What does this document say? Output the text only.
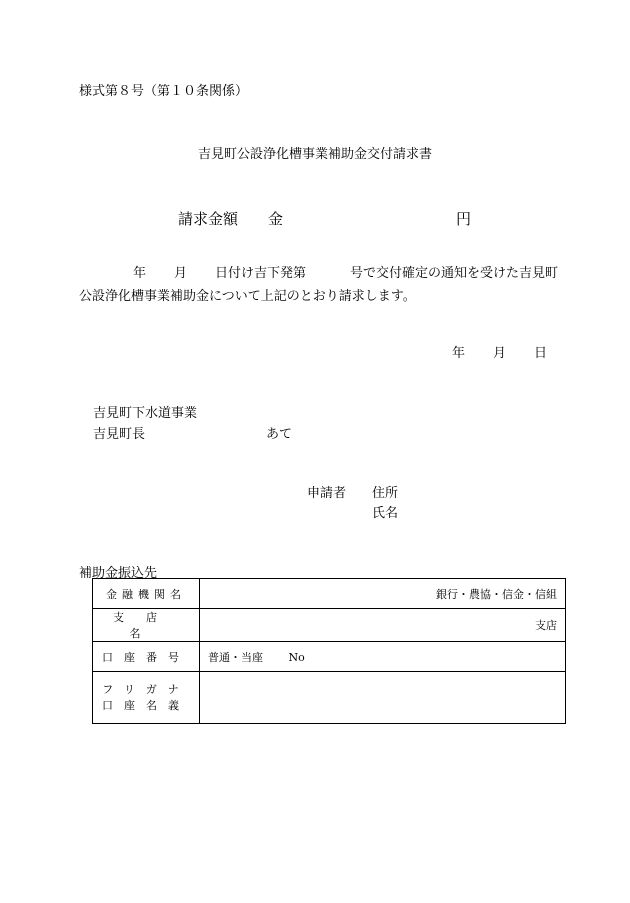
様式第８号（第１０条関係）
吉見町公設浄化槽事業補助金交付請求書
請求金額 金	円
年 月 日付け吉下発第	号で交付確定の通知を受けた吉見町
公設浄化槽事業補助金について上記のとおり請求します。
年 月 日
吉見町下水道事業
吉見町長	あて
申請者 住所
氏名
補助金振込先
金融機関名	銀行・農協・信金・信組
支店名	支店
口座番号	普通・当座 No

フリガナ
口座名義	
